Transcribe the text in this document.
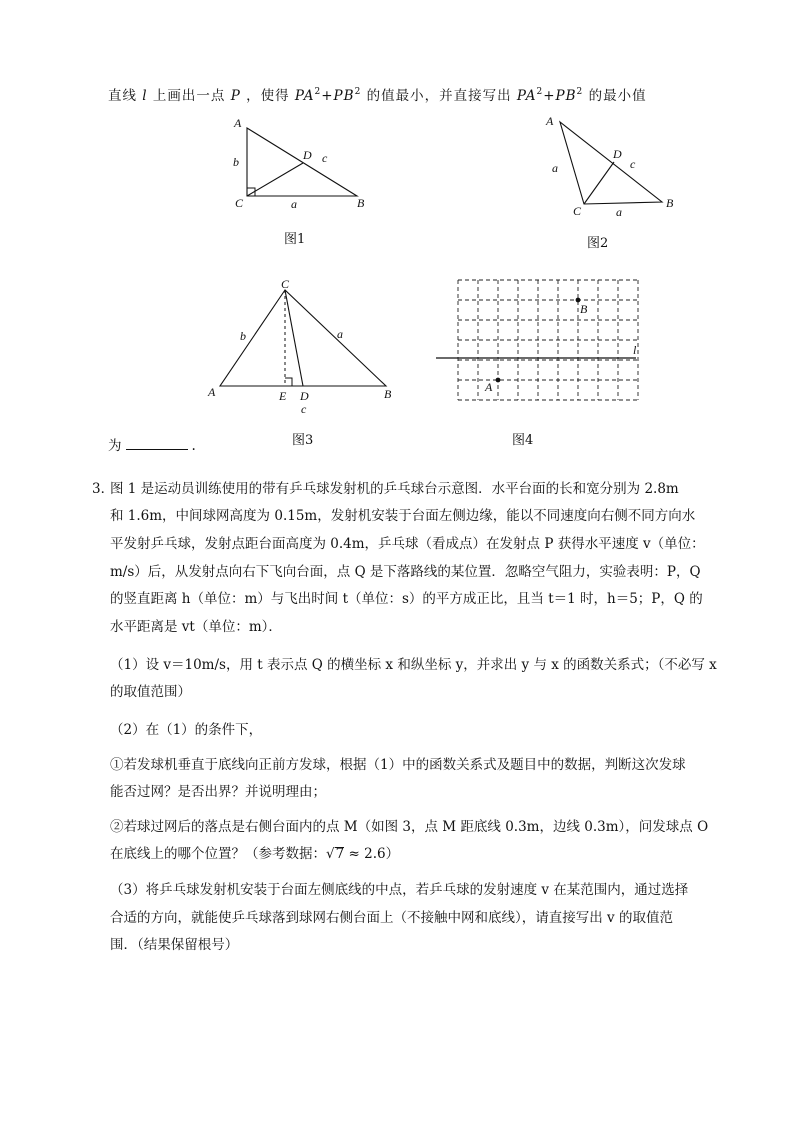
直线 l 上画出一点 P ，使得 $PA^2+PB^2$ 的值最小，并直接写出 $PA^2+PB^2$ 的最小值
A
C	B
D
b	c
a
图1
A
C
B
D
a	c
a
图2
C
A	B
E D
c
b	a
图3
A
B
l
图4
为	.
3．
图 1 是运动员训练使用的带有乒乓球发射机的乒乓球台示意图．水平台面的长和宽分别为 2.8m
和 1.6m，中间球网高度为 0.15m，发射机安装于台面左侧边缘，能以不同速度向右侧不同方向水
平发射乒乓球，发射点距台面高度为 0.4m，乒乓球（看成点）在发射点 P 获得水平速度 v（单位：
m/s）后，从发射点向右下飞向台面，点 Q 是下落路线的某位置．忽略空气阻力，实验表明：P，Q
的竖直距离 h（单位：m）与飞出时间 t（单位：s）的平方成正比，且当 t＝1 时，h＝5；P，Q 的
水平距离是 vt（单位：m）．
（1）设 v＝10m/s，用 t 表示点 Q 的横坐标 x 和纵坐标 y，并求出 y 与 x 的函数关系式；（不必写 x
的取值范围）
（2）在（1）的条件下，
①若发球机垂直于底线向正前方发球，根据（1）中的函数关系式及题目中的数据，判断这次发球
能否过网？是否出界？并说明理由；
②若球过网后的落点是右侧台面内的点 M（如图 3，点 M 距底线 0.3m，边线 0.3m），问发球点 O
在底线上的哪个位置？（参考数据：√7 ≈ 2.6）
（3）将乒乓球发射机安装于台面左侧底线的中点，若乒乓球的发射速度 v 在某范围内，通过选择
合适的方向，就能使乒乓球落到球网右侧台面上（不接触中网和底线），请直接写出 v 的取值范
围．（结果保留根号）
